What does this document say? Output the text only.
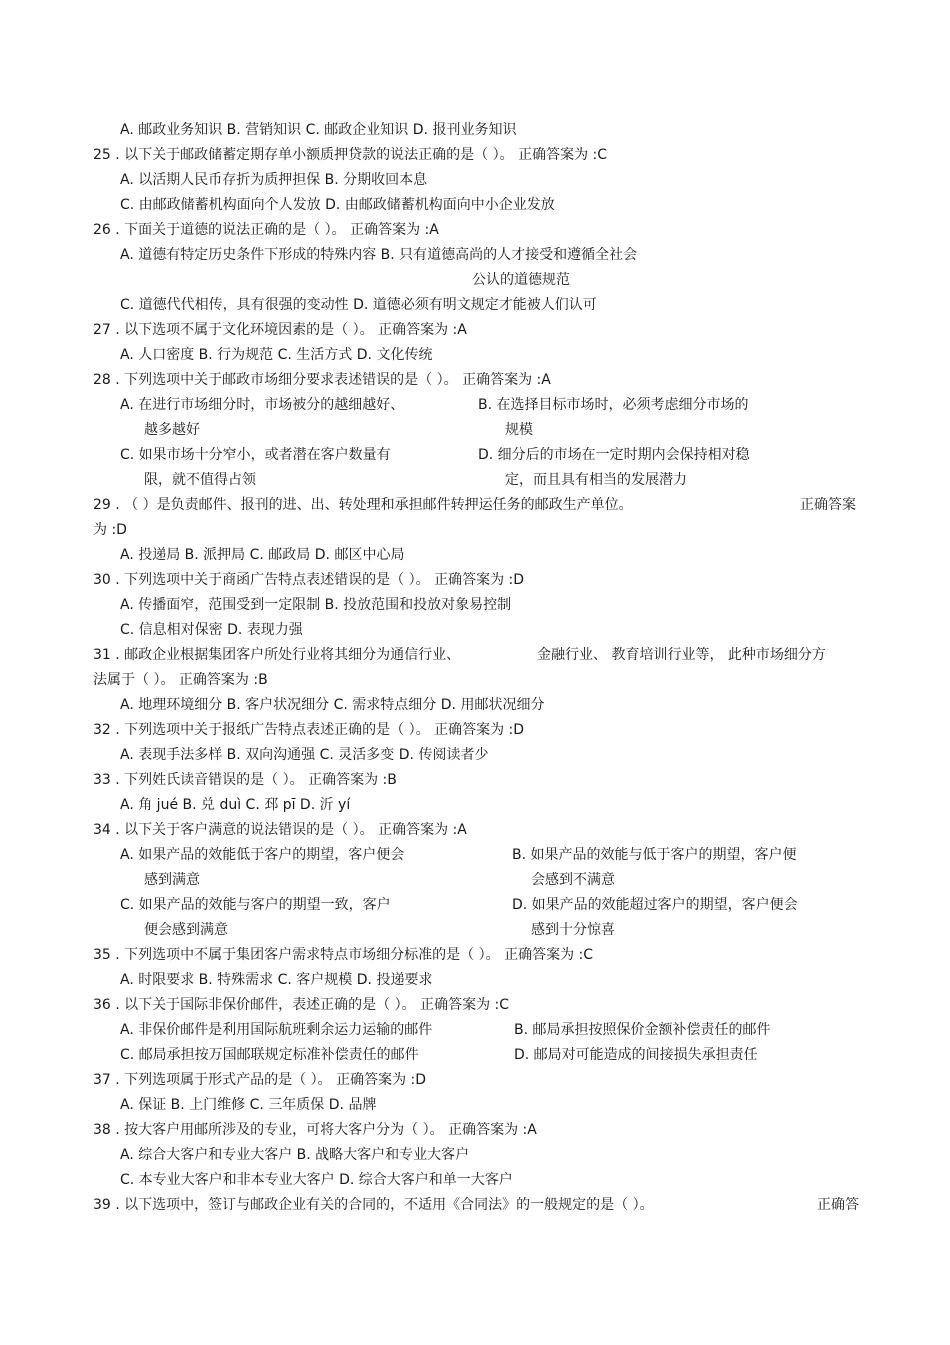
A. 邮政业务知识 B. 营销知识 C. 邮政企业知识 D. 报刊业务知识
25 . 以下关于邮政储蓄定期存单小额质押贷款的说法正确的是（ ）。 正确答案为 :C
A. 以活期人民币存折为质押担保 B. 分期收回本息
C. 由邮政储蓄机构面向个人发放 D. 由邮政储蓄机构面向中小企业发放
26 . 下面关于道德的说法正确的是（ ）。 正确答案为 :A
A. 道德有特定历史条件下形成的特殊内容 B. 只有道德高尚的人才接受和遵循全社会
公认的道德规范
C. 道德代代相传，具有很强的变动性 D. 道德必须有明文规定才能被人们认可
27 . 以下选项不属于文化环境因素的是（ ）。 正确答案为 :A
A. 人口密度 B. 行为规范 C. 生活方式 D. 文化传统
28 . 下列选项中关于邮政市场细分要求表述错误的是（ ）。 正确答案为 :A
A. 在进行市场细分时，市场被分的越细越好、	B. 在选择目标市场时，必须考虑细分市场的
越多越好	规模
C. 如果市场十分窄小，或者潜在客户数量有	D. 细分后的市场在一定时期内会保持相对稳
限，就不值得占领	定，而且具有相当的发展潜力
29 . （ ）是负责邮件、报刊的进、出、转处理和承担邮件转押运任务的邮政生产单位。	正确答案
为 :D
A. 投递局 B. 派押局 C. 邮政局 D. 邮区中心局
30 . 下列选项中关于商函广告特点表述错误的是（ ）。 正确答案为 :D
A. 传播面窄，范围受到一定限制 B. 投放范围和投放对象易控制
C. 信息相对保密 D. 表现力强
31 . 邮政企业根据集团客户所处行业将其细分为通信行业、	金融行业、 教育培训行业等， 此种市场细分方
法属于（ ）。 正确答案为 :B
A. 地理环境细分 B. 客户状况细分 C. 需求特点细分 D. 用邮状况细分
32 . 下列选项中关于报纸广告特点表述正确的是（ ）。 正确答案为 :D
A. 表现手法多样 B. 双向沟通强 C. 灵活多变 D. 传阅读者少
33 . 下列姓氏读音错误的是（ ）。 正确答案为 :B
A. 角 jué B. 兑 duì C. 邳 pī D. 沂 yí
34 . 以下关于客户满意的说法错误的是（ ）。 正确答案为 :A
A. 如果产品的效能低于客户的期望，客户便会	B. 如果产品的效能与低于客户的期望，客户便
感到满意	会感到不满意
C. 如果产品的效能与客户的期望一致，客户	D. 如果产品的效能超过客户的期望，客户便会
便会感到满意	感到十分惊喜
35 . 下列选项中不属于集团客户需求特点市场细分标准的是（ ）。 正确答案为 :C
A. 时限要求 B. 特殊需求 C. 客户规模 D. 投递要求
36 . 以下关于国际非保价邮件，表述正确的是（ ）。 正确答案为 :C
A. 非保价邮件是利用国际航班剩余运力运输的邮件	B. 邮局承担按照保价金额补偿责任的邮件
C. 邮局承担按万国邮联规定标准补偿责任的邮件	D. 邮局对可能造成的间接损失承担责任
37 . 下列选项属于形式产品的是（ ）。 正确答案为 :D
A. 保证 B. 上门维修 C. 三年质保 D. 品牌
38 . 按大客户用邮所涉及的专业，可将大客户分为（ ）。 正确答案为 :A
A. 综合大客户和专业大客户 B. 战略大客户和专业大客户
C. 本专业大客户和非本专业大客户 D. 综合大客户和单一大客户
39 . 以下选项中，签订与邮政企业有关的合同的，不适用《合同法》的一般规定的是（ ）。	正确答
